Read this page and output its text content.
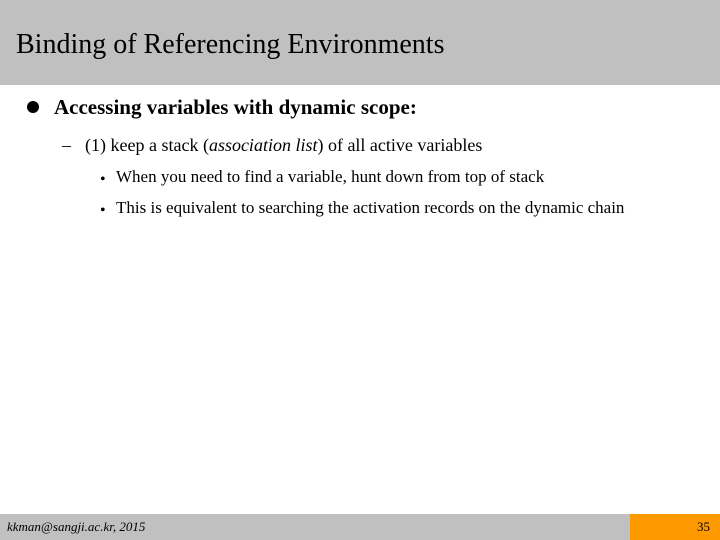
Binding of Referencing Environments
Accessing variables with dynamic scope:
– (1) keep a stack (association list) of all active variables
• When you need to find a variable, hunt down from top of stack
• This is equivalent to searching the activation records on the dynamic chain
kkman@sangji.ac.kr, 2015	35
